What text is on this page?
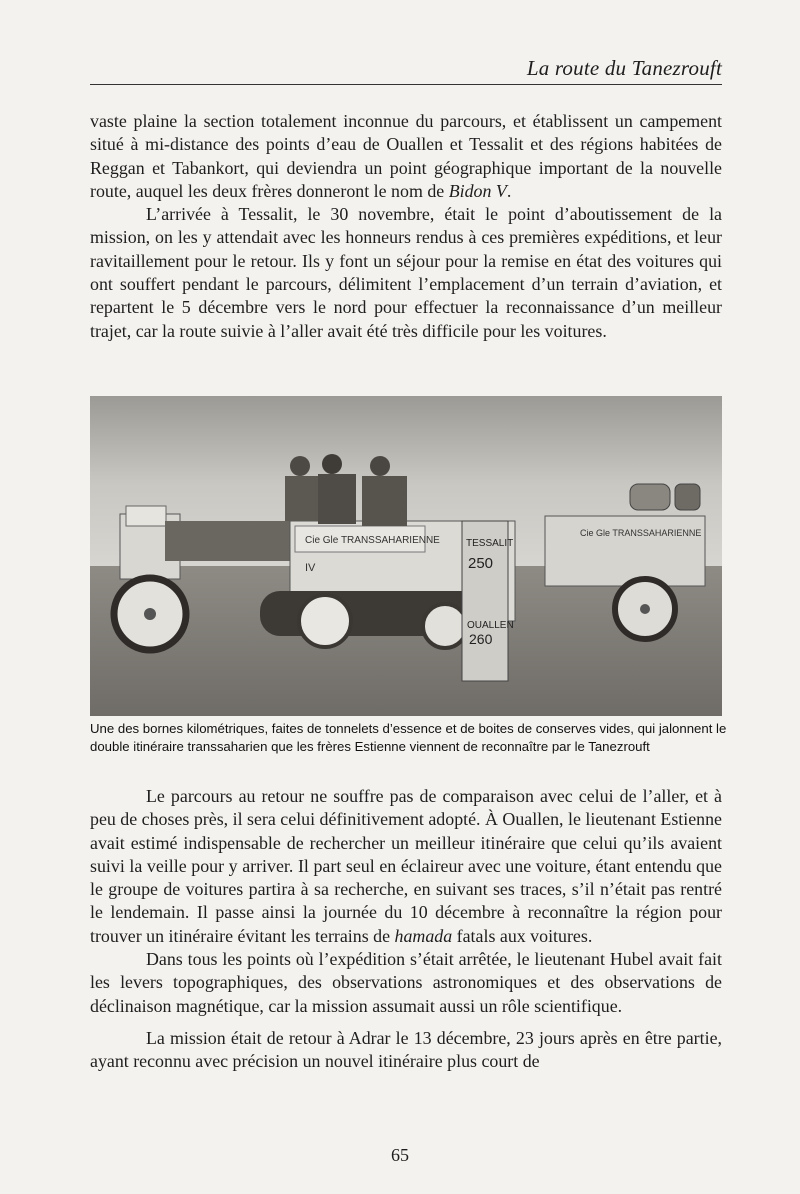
La route du Tanezrouft

vaste plaine la section totalement inconnue du parcours, et établissent un campement situé à mi-distance des points d’eau de Ouallen et Tessalit et des régions habitées de Reggan et Tabankort, qui deviendra un point géographique important de la nouvelle route, auquel les deux frères donneront le nom de Bidon V.

L’arrivée à Tessalit, le 30 novembre, était le point d’aboutissement de la mission, on les y attendait avec les honneurs rendus à ces premières expéditions, et leur ravitaillement pour le retour. Ils y font un séjour pour la remise en état des voitures qui ont souffert pendant le parcours, délimitent l’emplacement d’un terrain d’aviation, et repartent le 5 décembre vers le nord pour effectuer la reconnaissance d’un meilleur trajet, car la route suivie à l’aller avait été très difficile pour les voitures.

Cie Gle TRANSSAHARIENNE
IV
TESSALIT
250
OUALLEN
260
Cie Gle TRANSSAHARIENNE
Une des bornes kilométriques, faites de tonnelets d’essence et de boites de conserves vides, qui jalonnent le double itinéraire transsaharien que les frères Estienne viennent de reconnaître par le Tanezrouft

Le parcours au retour ne souffre pas de comparaison avec celui de l’aller, et à peu de choses près, il sera celui définitivement adopté. À Ouallen, le lieutenant Estienne avait estimé indispensable de rechercher un meilleur itinéraire que celui qu’ils avaient suivi la veille pour y arriver. Il part seul en éclaireur avec une voiture, étant entendu que le groupe de voitures partira à sa recherche, en suivant ses traces, s’il n’était pas rentré le lendemain. Il passe ainsi la journée du 10 décembre à reconnaître la région pour trouver un itinéraire évitant les terrains de hamada fatals aux voitures.

Dans tous les points où l’expédition s’était arrêtée, le lieutenant Hubel avait fait les levers topographiques, des observations astronomiques et des observations de déclinaison magnétique, car la mission assumait aussi un rôle scientifique.

La mission était de retour à Adrar le 13 décembre, 23 jours après en être partie, ayant reconnu avec précision un nouvel itinéraire plus court de

65
